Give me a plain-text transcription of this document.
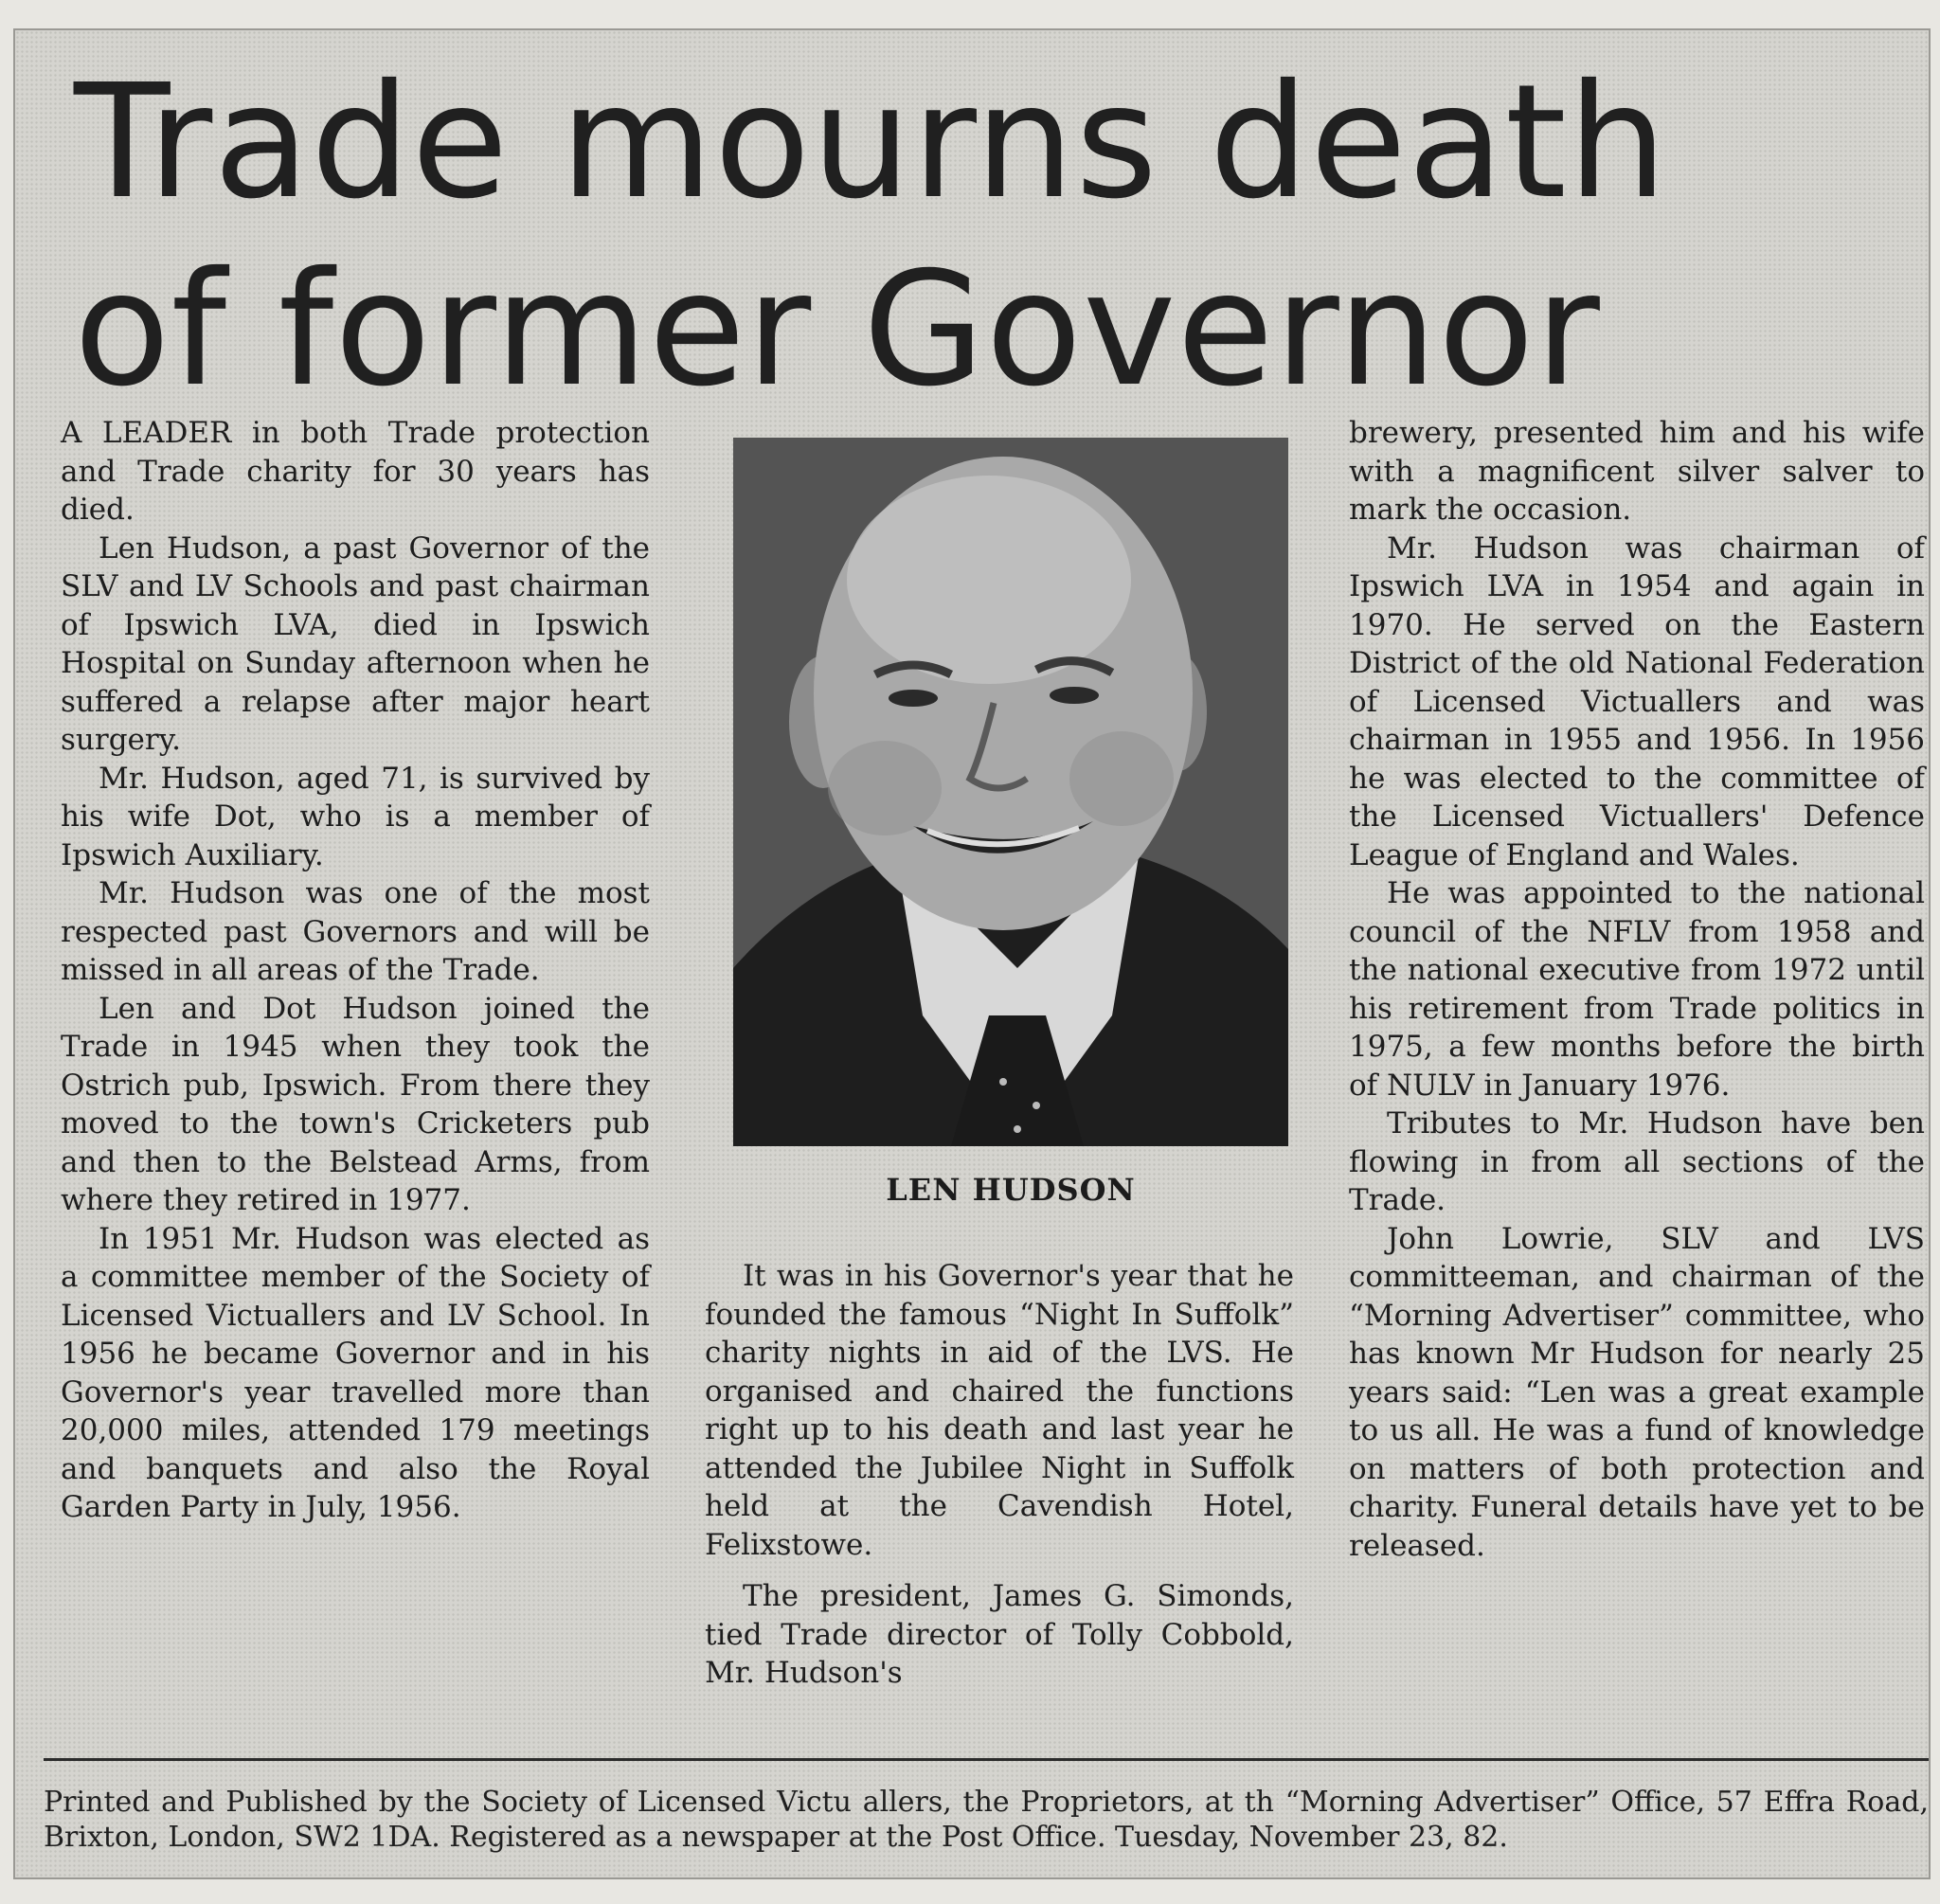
Trade mourns death
of former Governor

A LEADER in both Trade protection and Trade charity for 30 years has died.

Len Hudson, a past Governor of the SLV and LV Schools and past chairman of Ipswich LVA, died in Ipswich Hospital on Sunday afternoon when he suffered a relapse after major heart surgery.

Mr. Hudson, aged 71, is survived by his wife Dot, who is a member of Ipswich Auxiliary.

Mr. Hudson was one of the most respected past Governors and will be missed in all areas of the Trade.

Len and Dot Hudson joined the Trade in 1945 when they took the Ostrich pub, Ipswich. From there they moved to the town's Cricketers pub and then to the Belstead Arms, from where they retired in 1977.

In 1951 Mr. Hudson was elected as a committee member of the Society of Licensed Victuallers and LV School. In 1956 he became Governor and in his Governor's year travelled more than 20,000 miles, attended 179 meetings and banquets and also the Royal Garden Party in July, 1956.

LEN HUDSON

It was in his Governor's year that he founded the famous “Night In Suffolk” charity nights in aid of the LVS. He organised and chaired the functions right up to his death and last year he attended the Jubilee Night in Suffolk held at the Cavendish Hotel, Felixstowe.

The president, James G. Simonds, tied Trade director of Tolly Cobbold, Mr. Hudson's

brewery, presented him and his wife with a magnificent silver salver to mark the occasion.

Mr. Hudson was chairman of Ipswich LVA in 1954 and again in 1970. He served on the Eastern District of the old National Federation of Licensed Victuallers and was chairman in 1955 and 1956. In 1956 he was elected to the committee of the Licensed Victuallers' Defence League of England and Wales.

He was appointed to the national council of the NFLV from 1958 and the national executive from 1972 until his retirement from Trade politics in 1975, a few months before the birth of NULV in January 1976.

Tributes to Mr. Hudson have ben flowing in from all sections of the Trade.

John Lowrie, SLV and LVS committeeman, and chairman of the “Morning Advertiser” committee, who has known Mr Hudson for nearly 25 years said: “Len was a great example to us all. He was a fund of knowledge on matters of both protection and charity. Funeral details have yet to be released.

Printed and Published by the Society of Licensed Victu allers, the Proprietors, at th “Morning Advertiser” Office, 57 Effra Road, Brixton, London, SW2 1DA. Registered as a newspaper at the Post Office. Tuesday, November 23, 82.
